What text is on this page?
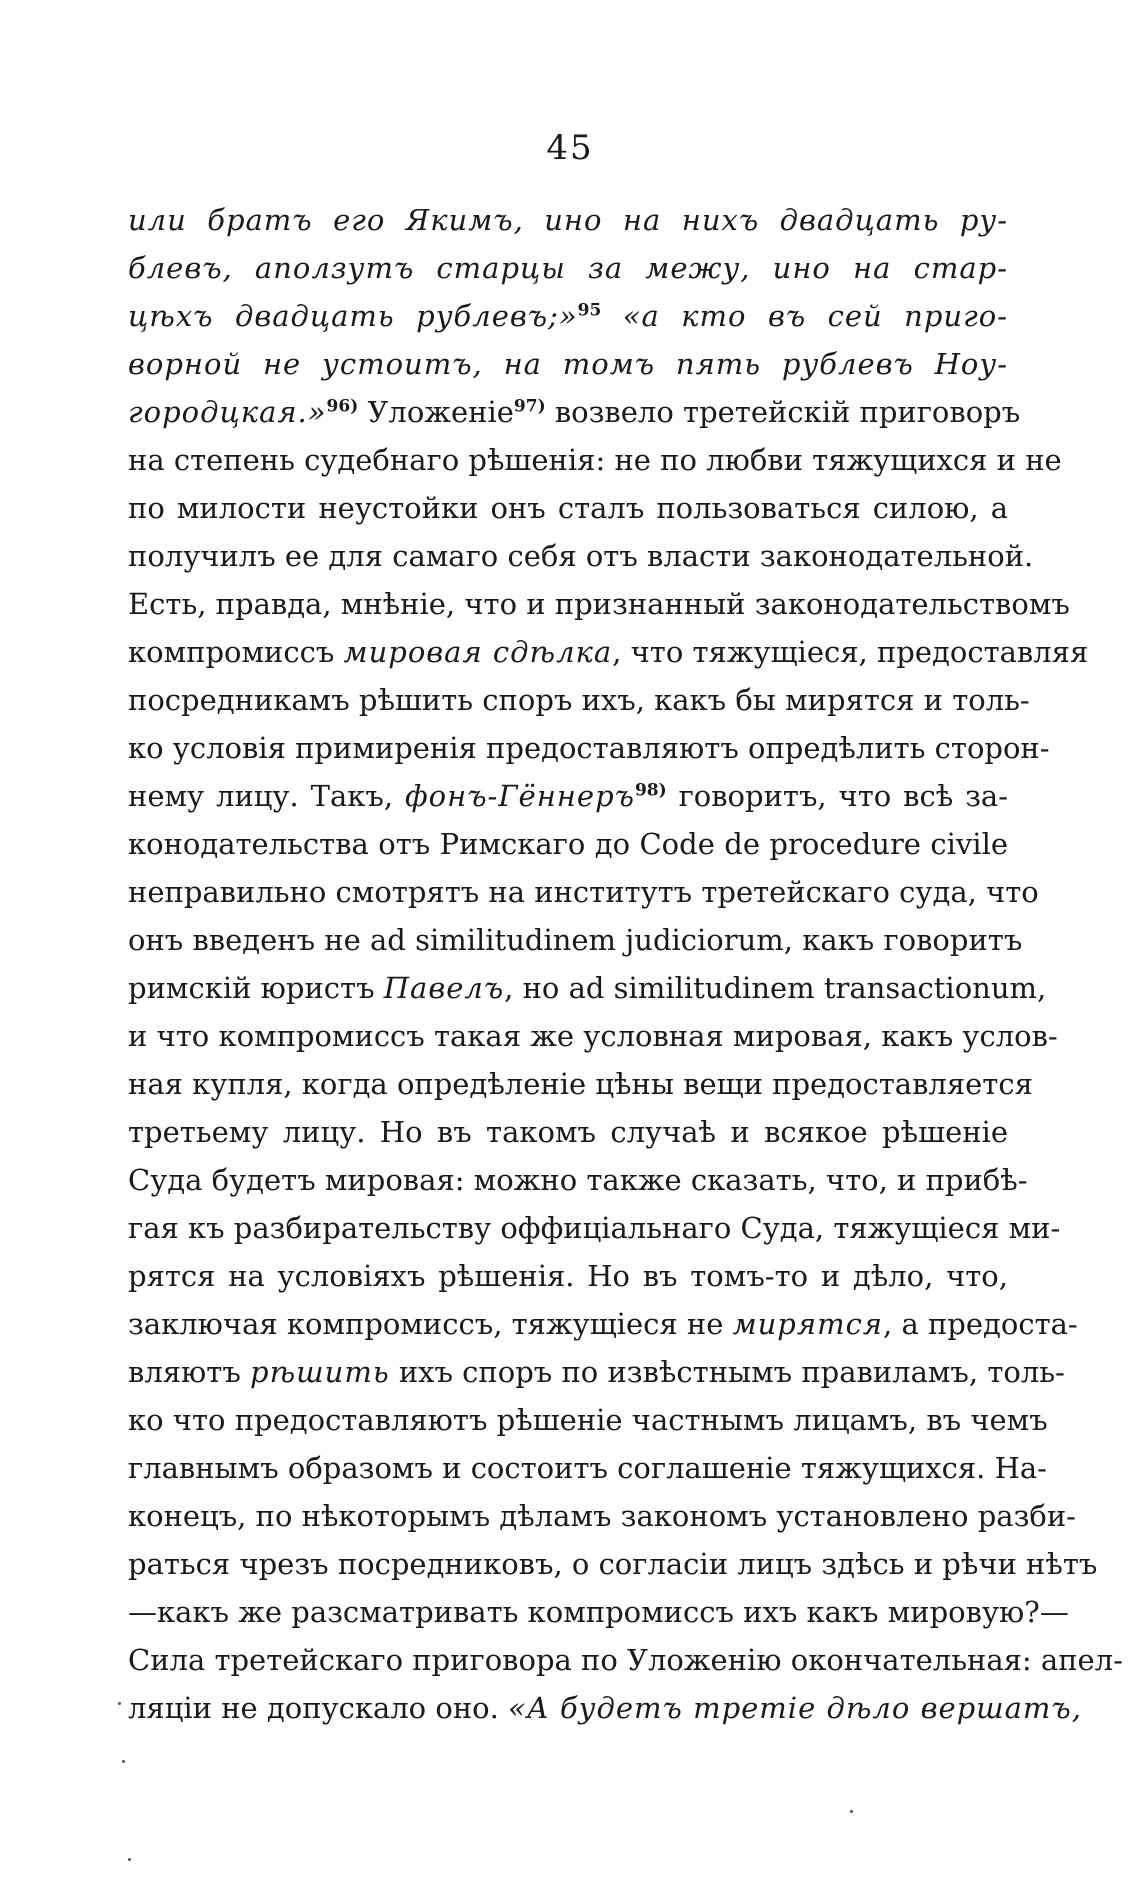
45
или братъ его Якимъ, ино на нихъ двадцать ру-
блевъ, аползутъ старцы за межу, ино на стар-
цѣхъ двадцать рублевъ;»$^{95}$ «а кто въ сей приго-
ворной не устоитъ, на томъ пять рублевъ Ноу-
городцкая.»$^{96)}$ Уложеніе$^{97)}$ возвело третейскій приговоръ
на степень судебнаго рѣшенія: не по любви тяжущихся и не
по милости неустойки онъ сталъ пользоваться силою, а
получилъ ее для самаго себя отъ власти законодательной.
Есть, правда, мнѣніе, что и признанный законодательствомъ
компромиссъ мировая сдѣлка, что тяжущіеся, предоставляя
посредникамъ рѣшить споръ ихъ, какъ бы мирятся и толь-
ко условія примиренія предоставляютъ опредѣлить сторон-
нему лицу. Такъ, фонъ-Гённеръ$^{98)}$ говоритъ, что всѣ за-
конодательства отъ Римскаго до Code de procedure civile
неправильно смотрятъ на институтъ третейскаго суда, что
онъ введенъ не ad similitudinem judiciorum, какъ говоритъ
римскій юристъ Павелъ, но ad similitudinem transactionum,
и что компромиссъ такая же условная мировая, какъ услов-
ная купля, когда опредѣленіе цѣны вещи предоставляется
третьему лицу. Но въ такомъ случаѣ и всякое рѣшеніе
Суда будетъ мировая: можно также сказать, что, и прибѣ-
гая къ разбирательству оффиціальнаго Суда, тяжущіеся ми-
рятся на условіяхъ рѣшенія. Но въ томъ-то и дѣло, что,
заключая компромиссъ, тяжущіеся не мирятся, а предоста-
вляютъ рѣшить ихъ споръ по извѣстнымъ правиламъ, толь-
ко что предоставляютъ рѣшеніе частнымъ лицамъ, въ чемъ
главнымъ образомъ и состоитъ соглашеніе тяжущихся. На-
конецъ, по нѣкоторымъ дѣламъ закономъ установлено разби-
раться чрезъ посредниковъ, о согласіи лицъ здѣсь и рѣчи нѣтъ
—какъ же разсматривать компромиссъ ихъ какъ мировую?—
Сила третейскаго приговора по Уложенію окончательная: апел-
ляціи не допускало оно. «А будетъ третіе дѣло вершатъ,
